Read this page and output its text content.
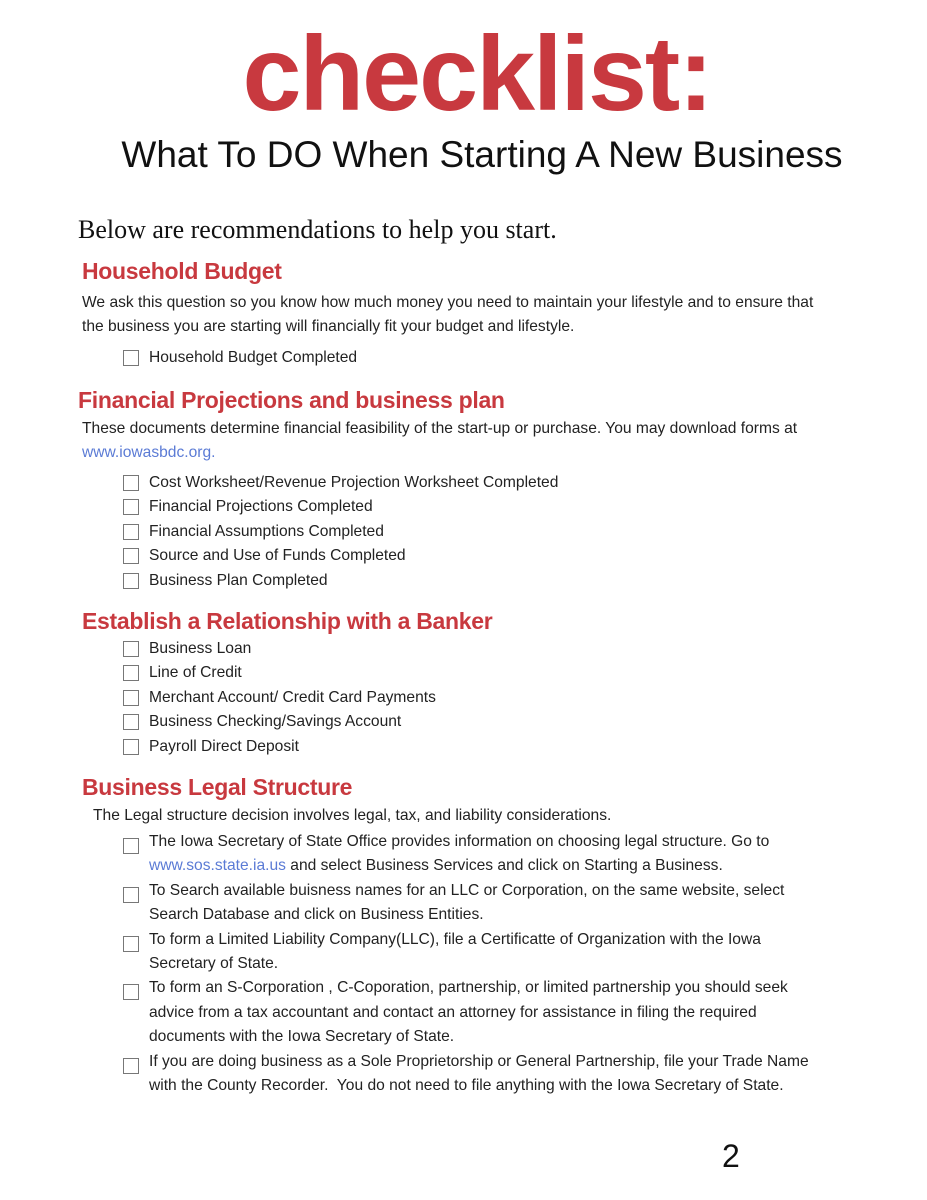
checklist:
What To DO When Starting A New Business
Below are recommendations to help you start.
Household Budget
We ask this question so you know how much money you need to maintain your lifestyle and to ensure that
the business you are starting will financially fit your budget and lifestyle.
Household Budget Completed
Financial Projections and business plan
These documents determine financial feasibility of the start-up or purchase. You may download forms at
www.iowasbdc.org.
Cost Worksheet/Revenue Projection Worksheet Completed
Financial Projections Completed
Financial Assumptions Completed
Source and Use of Funds Completed
Business Plan Completed
Establish a Relationship with a Banker
Business Loan
Line of Credit
Merchant Account/ Credit Card Payments
Business Checking/Savings Account
Payroll Direct Deposit
Business Legal Structure
The Legal structure decision involves legal, tax, and liability considerations.
The Iowa Secretary of State Office provides information on choosing legal structure. Go to
www.sos.state.ia.us and select Business Services and click on Starting a Business.
To Search available buisness names for an LLC or Corporation, on the same website, select
Search Database and click on Business Entities.
To form a Limited Liability Company(LLC), file a Certificatte of Organization with the Iowa
Secretary of State.
To form an S-Corporation , C-Coporation, partnership, or limited partnership you should seek
advice from a tax accountant and contact an attorney for assistance in filing the required
documents with the Iowa Secretary of State.
If you are doing business as a Sole Proprietorship or General Partnership, file your Trade Name
with the County Recorder.  You do not need to file anything with the Iowa Secretary of State.
2
